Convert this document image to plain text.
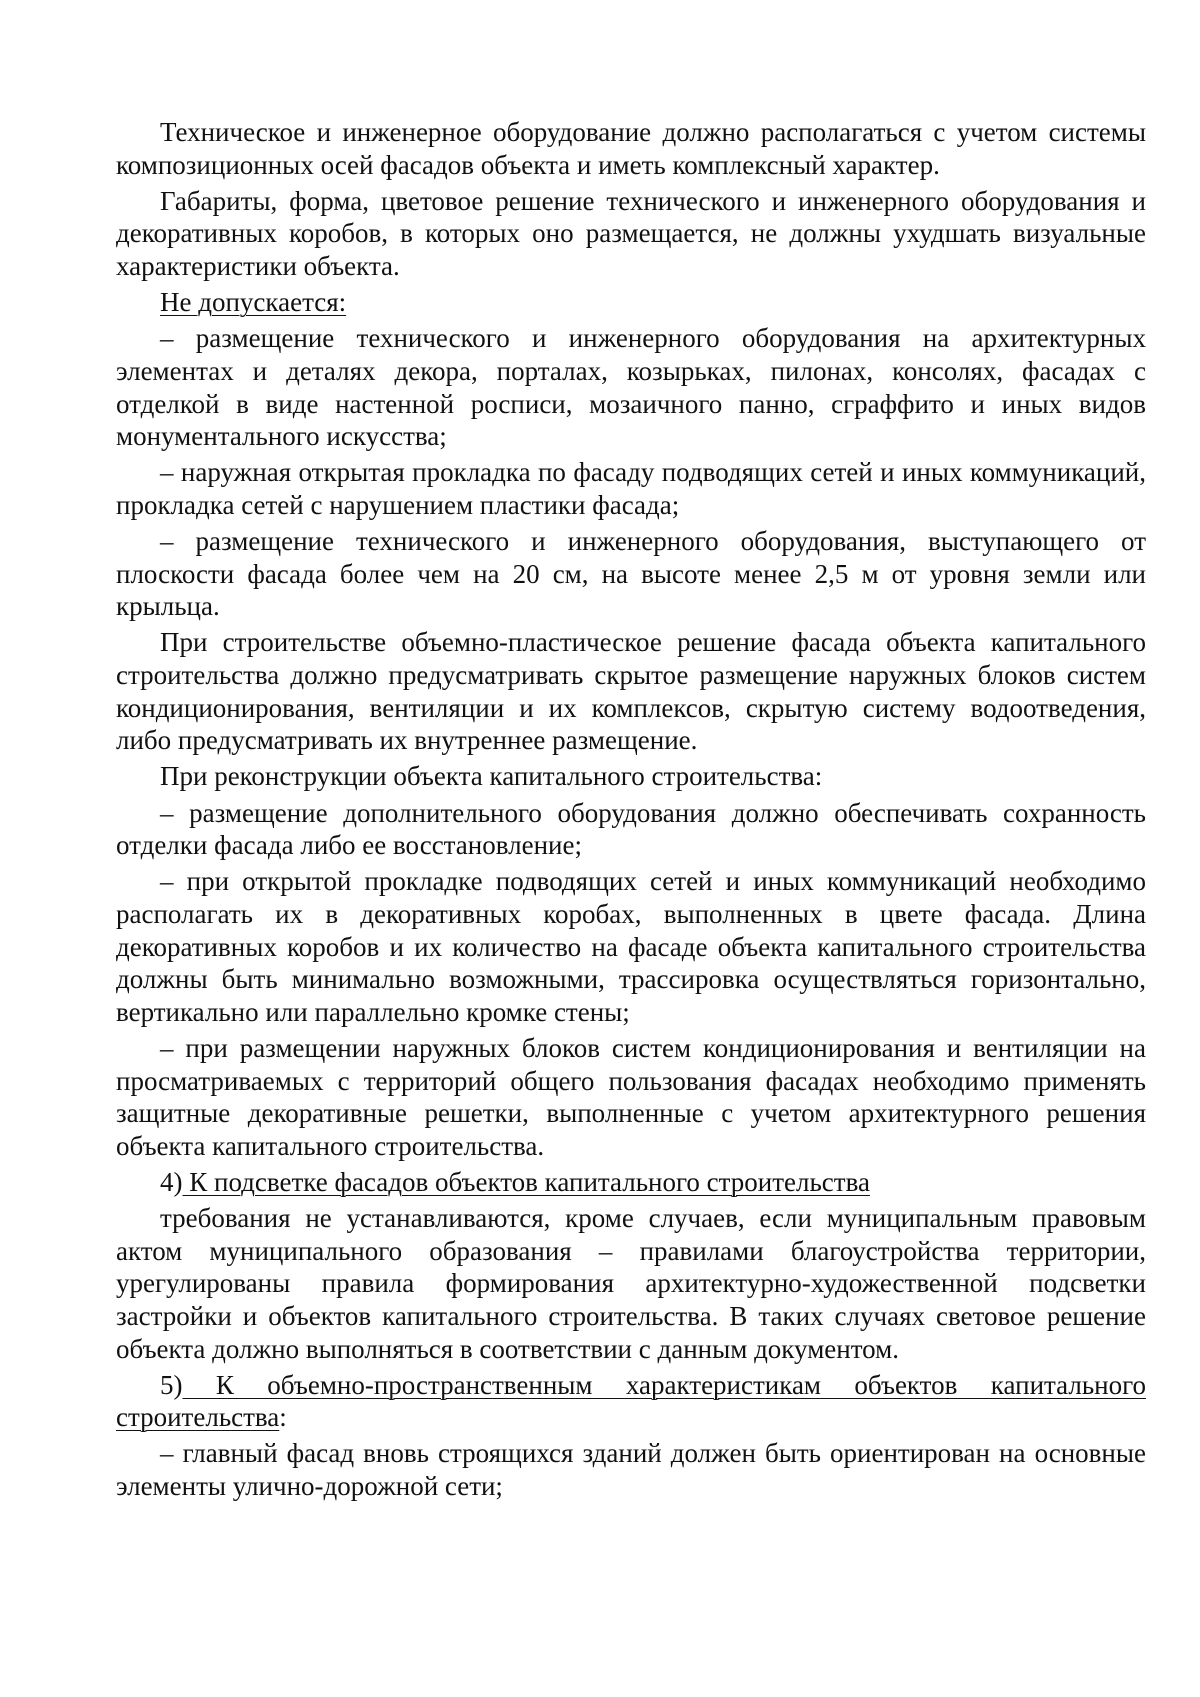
Техническое и инженерное оборудование должно располагаться с учетом системы композиционных осей фасадов объекта и иметь комплексный характер.

Габариты, форма, цветовое решение технического и инженерного оборудования и декоративных коробов, в которых оно размещается, не должны ухудшать визуальные характеристики объекта.

Не допускается:

– размещение технического и инженерного оборудования на архитектурных элементах и деталях декора, порталах, козырьках, пилонах, консолях, фасадах с отделкой в виде настенной росписи, мозаичного панно, сграффито и иных видов монументального искусства;

– наружная открытая прокладка по фасаду подводящих сетей и иных коммуникаций, прокладка сетей с нарушением пластики фасада;

– размещение технического и инженерного оборудования, выступающего от плоскости фасада более чем на 20 см, на высоте менее 2,5 м от уровня земли или крыльца.

При строительстве объемно-пластическое решение фасада объекта капитального строительства должно предусматривать скрытое размещение наружных блоков систем кондиционирования, вентиляции и их комплексов, скрытую систему водоотведения, либо предусматривать их внутреннее размещение.

При реконструкции объекта капитального строительства:

– размещение дополнительного оборудования должно обеспечивать сохранность отделки фасада либо ее восстановление;

– при открытой прокладке подводящих сетей и иных коммуникаций необходимо располагать их в декоративных коробах, выполненных в цвете фасада. Длина декоративных коробов и их количество на фасаде объекта капитального строительства должны быть минимально возможными, трассировка осуществляться горизонтально, вертикально или параллельно кромке стены;

– при размещении наружных блоков систем кондиционирования и вентиляции на просматриваемых с территорий общего пользования фасадах необходимо применять защитные декоративные решетки, выполненные с учетом архитектурного решения объекта капитального строительства.

4) К подсветке фасадов объектов капитального строительства

требования не устанавливаются, кроме случаев, если муниципальным правовым актом муниципального образования – правилами благоустройства территории, урегулированы правила формирования архитектурно-художественной подсветки застройки и объектов капитального строительства. В таких случаях световое решение объекта должно выполняться в соответствии с данным документом.

5) К объемно-пространственным характеристикам объектов капитального строительства:

– главный фасад вновь строящихся зданий должен быть ориентирован на основные элементы улично-дорожной сети;
